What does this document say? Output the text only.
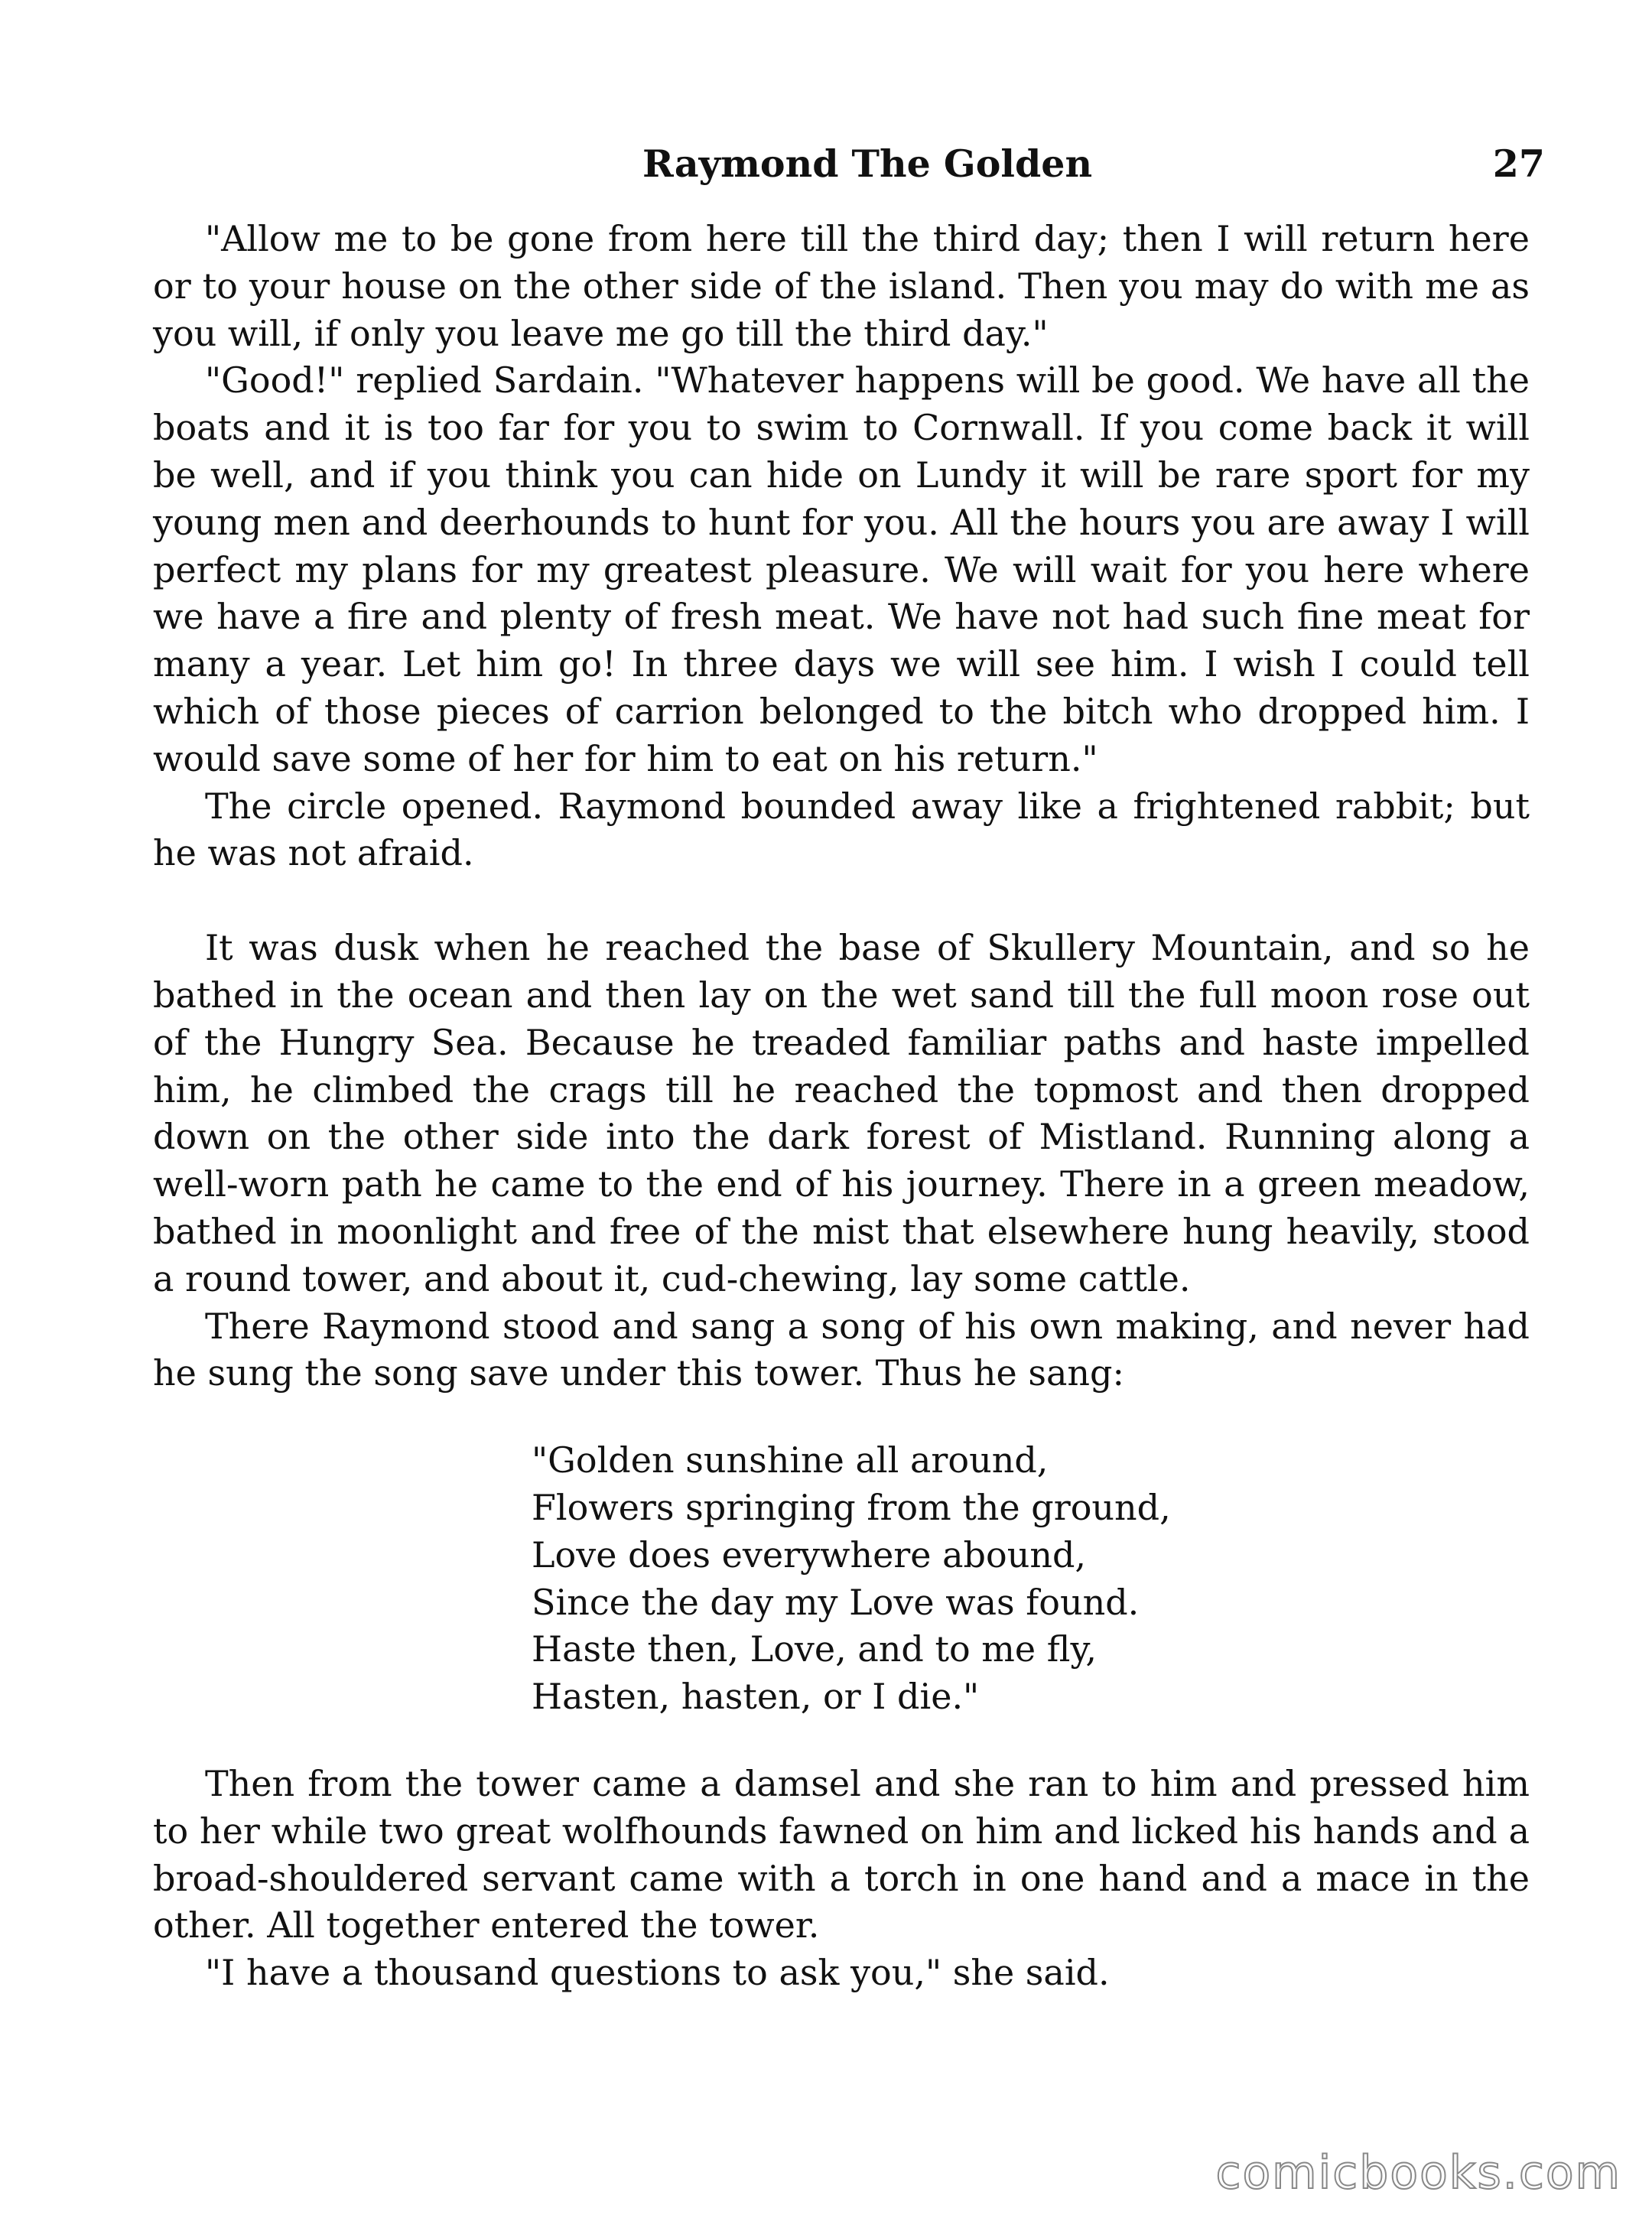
Raymond The Golden	27

"Allow me to be gone from here till the third day; then I will return here or to your house on the other side of the island. Then you may do with me as you will, if only you leave me go till the third day."

"Good!" replied Sardain. "Whatever happens will be good. We have all the boats and it is too far for you to swim to Cornwall. If you come back it will be well, and if you think you can hide on Lundy it will be rare sport for my young men and deerhounds to hunt for you. All the hours you are away I will perfect my plans for my greatest pleasure. We will wait for you here where we have a fire and plenty of fresh meat. We have not had such fine meat for many a year. Let him go! In three days we will see him. I wish I could tell which of those pieces of carrion belonged to the bitch who dropped him. I would save some of her for him to eat on his return."

The circle opened. Raymond bounded away like a frightened rabbit; but he was not afraid.

It was dusk when he reached the base of Skullery Mountain, and so he bathed in the ocean and then lay on the wet sand till the full moon rose out of the Hungry Sea. Because he treaded familiar paths and haste impelled him, he climbed the crags till he reached the topmost and then dropped down on the other side into the dark forest of Mistland. Running along a well-worn path he came to the end of his journey. There in a green meadow, bathed in moonlight and free of the mist that elsewhere hung heavily, stood a round tower, and about it, cud-chewing, lay some cattle.

There Raymond stood and sang a song of his own making, and never had he sung the song save under this tower. Thus he sang:

"Golden sunshine all around,

Flowers springing from the ground,

Love does everywhere abound,

Since the day my Love was found.

Haste then, Love, and to me fly,

Hasten, hasten, or I die."

Then from the tower came a damsel and she ran to him and pressed him to her while two great wolfhounds fawned on him and licked his hands and a broad-shouldered servant came with a torch in one hand and a mace in the other. All together entered the tower.

"I have a thousand questions to ask you," she said.

comicbooks.com
